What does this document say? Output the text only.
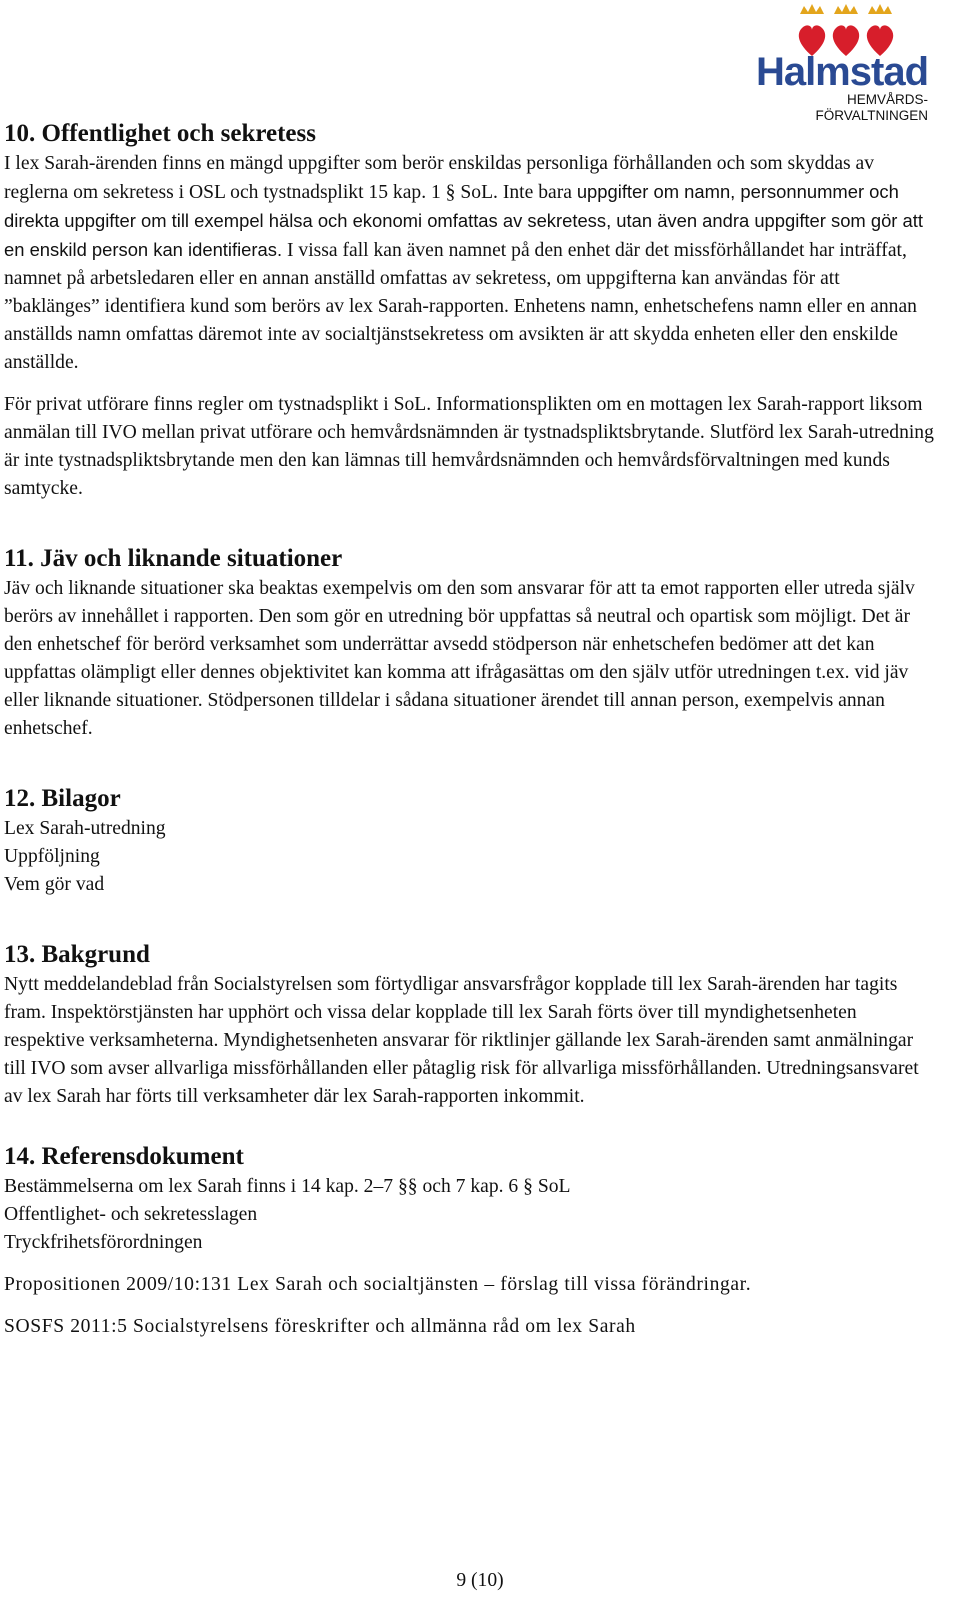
Halmstad
HEMVÅRDS-
FÖRVALTNINGEN
10. Offentlighet och sekretess

I lex Sarah-ärenden finns en mängd uppgifter som berör enskildas personliga förhållanden och som skyddas av reglerna om sekretess i OSL och tystnadsplikt 15 kap. 1 § SoL. Inte bara uppgifter om namn, personnummer och direkta uppgifter om till exempel hälsa och ekonomi omfattas av sekretess, utan även andra uppgifter som gör att en enskild person kan identifieras. I vissa fall kan även namnet på den enhet där det missförhållandet har inträffat, namnet på arbetsledaren eller en annan anställd omfattas av sekretess, om uppgifterna kan användas för att ”baklänges” identifiera kund som berörs av lex Sarah-rapporten. Enhetens namn, enhetschefens namn eller en annan anställds namn omfattas däremot inte av socialtjänstsekretess om avsikten är att skydda enheten eller den enskilde anställde.

För privat utförare finns regler om tystnadsplikt i SoL. Informationsplikten om en mottagen lex Sarah-rapport liksom anmälan till IVO mellan privat utförare och hemvårdsnämnden är tystnadspliktsbrytande. Slutförd lex Sarah-utredning är inte tystnadspliktsbrytande men den kan lämnas till hemvårdsnämnden och hemvårdsförvaltningen med kunds samtycke.

11. Jäv och liknande situationer

Jäv och liknande situationer ska beaktas exempelvis om den som ansvarar för att ta emot rapporten eller utreda själv berörs av innehållet i rapporten. Den som gör en utredning bör uppfattas så neutral och opartisk som möjligt. Det är den enhetschef för berörd verksamhet som underrättar avsedd stödperson när enhetschefen bedömer att det kan uppfattas olämpligt eller dennes objektivitet kan komma att ifrågasättas om den själv utför utredningen t.ex. vid jäv eller liknande situationer. Stödpersonen tilldelar i sådana situationer ärendet till annan person, exempelvis annan enhetschef.

12. Bilagor

Lex Sarah-utredning

Uppföljning

Vem gör vad

13. Bakgrund

Nytt meddelandeblad från Socialstyrelsen som förtydligar ansvarsfrågor kopplade till lex Sarah-ärenden har tagits fram. Inspektörstjänsten har upphört och vissa delar kopplade till lex Sarah förts över till myndighetsenheten respektive verksamheterna. Myndighetsenheten ansvarar för riktlinjer gällande lex Sarah-ärenden samt anmälningar till IVO som avser allvarliga missförhållanden eller påtaglig risk för allvarliga missförhållanden. Utredningsansvaret av lex Sarah har förts till verksamheter där lex Sarah-rapporten inkommit.

14. Referensdokument

Bestämmelserna om lex Sarah finns i 14 kap. 2–7 §§ och 7 kap. 6 § SoL

Offentlighet- och sekretesslagen

Tryckfrihetsförordningen

Propositionen 2009/10:131 Lex Sarah och socialtjänsten – förslag till vissa förändringar.

SOSFS 2011:5 Socialstyrelsens föreskrifter och allmänna råd om lex Sarah

9 (10)
